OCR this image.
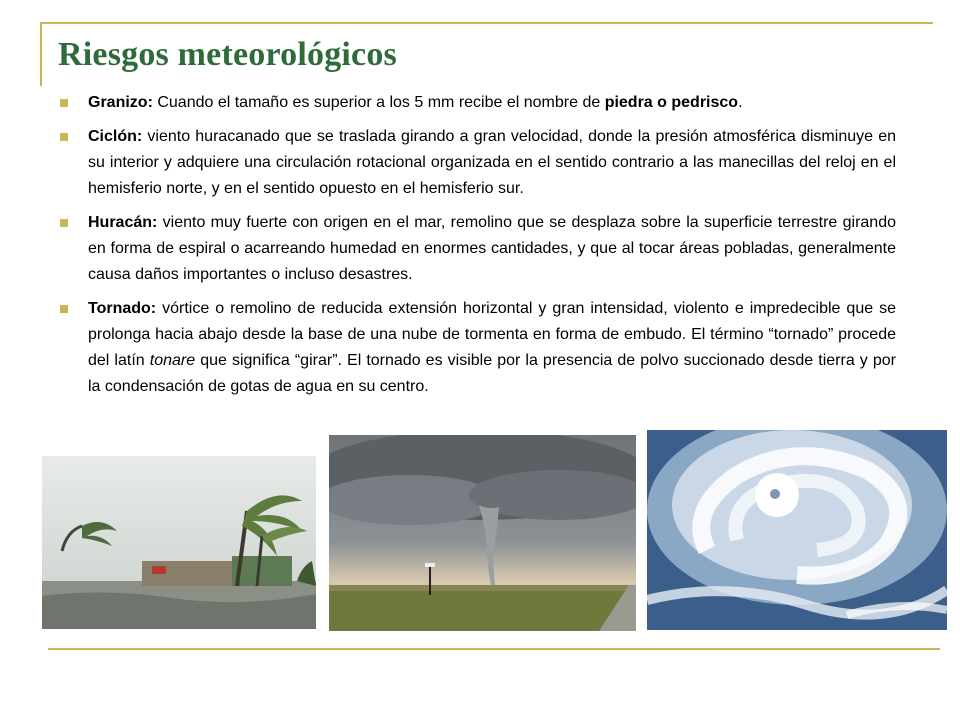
Riesgos meteorológicos
Granizo: Cuando el tamaño es superior a los 5 mm recibe el nombre de piedra o pedrisco.
Ciclón: viento huracanado que se traslada girando a gran velocidad, donde la presión atmosférica disminuye en su interior y adquiere una circulación rotacional organizada en el sentido contrario a las manecillas del reloj en el hemisferio norte, y en el sentido opuesto en el hemisferio sur.
Huracán: viento muy fuerte con origen en el mar, remolino que se desplaza sobre la superficie terrestre girando en forma de espiral o acarreando humedad en enormes cantidades, y que al tocar áreas pobladas, generalmente causa daños importantes o incluso desastres.
Tornado: vórtice o remolino de reducida extensión horizontal y gran intensidad, violento e impredecible que se prolonga hacia abajo desde la base de una nube de tormenta en forma de embudo. El término “tornado” procede del latín tonare que significa “girar”. El tornado es visible por la presencia de polvo succionado desde tierra y por la condensación de gotas de agua en su centro.
